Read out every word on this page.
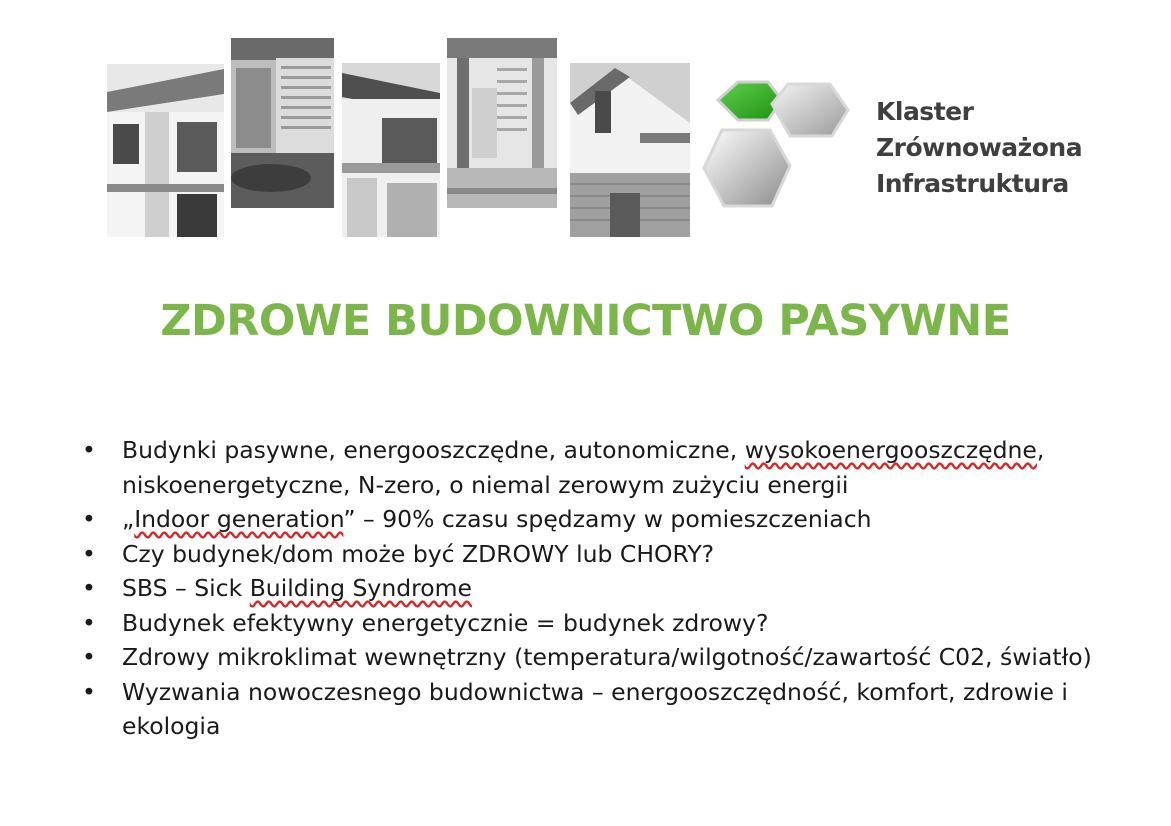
Klaster
Zrównoważona
Infrastruktura
ZDROWE BUDOWNICTWO PASYWNE
• Budynki pasywne, energooszczędne, autonomiczne, wysokoenergooszczędne, niskoenergetyczne, N-zero, o niemal zerowym zużyciu energii
• „Indoor generation” – 90% czasu spędzamy w pomieszczeniach
• Czy budynek/dom może być ZDROWY lub CHORY?
• SBS – Sick Building Syndrome
• Budynek efektywny energetycznie = budynek zdrowy?
• Zdrowy mikroklimat wewnętrzny (temperatura/wilgotność/zawartość C02, światło)
• Wyzwania nowoczesnego budownictwa – energooszczędność, komfort, zdrowie i ekologia
